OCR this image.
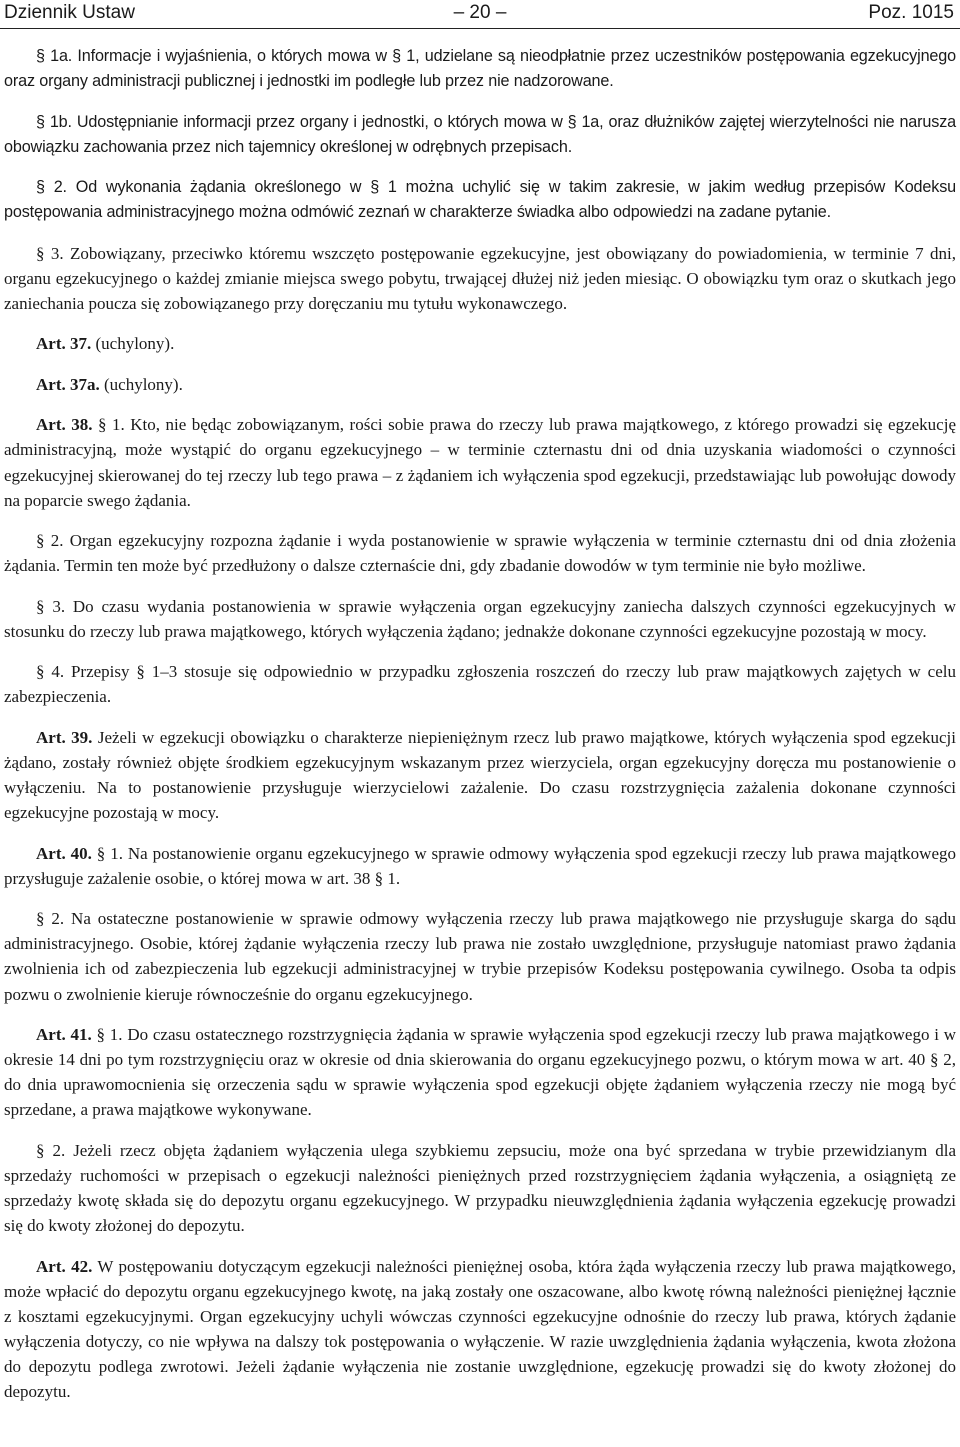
Dziennik Ustaw	– 20 –	Poz. 1015

§ 1a. Informacje i wyjaśnienia, o których mowa w § 1, udzielane są nieodpłatnie przez uczestników postępowania egzekucyjnego oraz organy administracji publicznej i jednostki im podległe lub przez nie nadzorowane.

§ 1b. Udostępnianie informacji przez organy i jednostki, o których mowa w § 1a, oraz dłużników zajętej wierzytelności nie narusza obowiązku zachowania przez nich tajemnicy określonej w odrębnych przepisach.

§ 2. Od wykonania żądania określonego w § 1 można uchylić się w takim zakresie, w jakim według przepisów Kodeksu postępowania administracyjnego można odmówić zeznań w charakterze świadka albo odpowiedzi na zadane pytanie.

§ 3. Zobowiązany, przeciwko któremu wszczęto postępowanie egzekucyjne, jest obowiązany do powiadomienia, w terminie 7 dni, organu egzekucyjnego o każdej zmianie miejsca swego pobytu, trwającej dłużej niż jeden miesiąc. O obowiązku tym oraz o skutkach jego zaniechania poucza się zobowiązanego przy doręczaniu mu tytułu wykonawczego.

Art. 37. (uchylony).

Art. 37a. (uchylony).

Art. 38. § 1. Kto, nie będąc zobowiązanym, rości sobie prawa do rzeczy lub prawa majątkowego, z którego prowadzi się egzekucję administracyjną, może wystąpić do organu egzekucyjnego – w terminie czternastu dni od dnia uzyskania wiadomości o czynności egzekucyjnej skierowanej do tej rzeczy lub tego prawa – z żądaniem ich wyłączenia spod egzekucji, przedstawiając lub powołując dowody na poparcie swego żądania.

§ 2. Organ egzekucyjny rozpozna żądanie i wyda postanowienie w sprawie wyłączenia w terminie czternastu dni od dnia złożenia żądania. Termin ten może być przedłużony o dalsze czternaście dni, gdy zbadanie dowodów w tym terminie nie było możliwe.

§ 3. Do czasu wydania postanowienia w sprawie wyłączenia organ egzekucyjny zaniecha dalszych czynności egzekucyjnych w stosunku do rzeczy lub prawa majątkowego, których wyłączenia żądano; jednakże dokonane czynności egzekucyjne pozostają w mocy.

§ 4. Przepisy § 1–3 stosuje się odpowiednio w przypadku zgłoszenia roszczeń do rzeczy lub praw majątkowych zajętych w celu zabezpieczenia.

Art. 39. Jeżeli w egzekucji obowiązku o charakterze niepieniężnym rzecz lub prawo majątkowe, których wyłączenia spod egzekucji żądano, zostały również objęte środkiem egzekucyjnym wskazanym przez wierzyciela, organ egzekucyjny doręcza mu postanowienie o wyłączeniu. Na to postanowienie przysługuje wierzycielowi zażalenie. Do czasu rozstrzygnięcia zażalenia dokonane czynności egzekucyjne pozostają w mocy.

Art. 40. § 1. Na postanowienie organu egzekucyjnego w sprawie odmowy wyłączenia spod egzekucji rzeczy lub prawa majątkowego przysługuje zażalenie osobie, o której mowa w art. 38 § 1.

§ 2. Na ostateczne postanowienie w sprawie odmowy wyłączenia rzeczy lub prawa majątkowego nie przysługuje skarga do sądu administracyjnego. Osobie, której żądanie wyłączenia rzeczy lub prawa nie zostało uwzględnione, przysługuje natomiast prawo żądania zwolnienia ich od zabezpieczenia lub egzekucji administracyjnej w trybie przepisów Kodeksu postępowania cywilnego. Osoba ta odpis pozwu o zwolnienie kieruje równocześnie do organu egzekucyjnego.

Art. 41. § 1. Do czasu ostatecznego rozstrzygnięcia żądania w sprawie wyłączenia spod egzekucji rzeczy lub prawa majątkowego i w okresie 14 dni po tym rozstrzygnięciu oraz w okresie od dnia skierowania do organu egzekucyjnego pozwu, o którym mowa w art. 40 § 2, do dnia uprawomocnienia się orzeczenia sądu w sprawie wyłączenia spod egzekucji objęte żądaniem wyłączenia rzeczy nie mogą być sprzedane, a prawa majątkowe wykonywane.

§ 2. Jeżeli rzecz objęta żądaniem wyłączenia ulega szybkiemu zepsuciu, może ona być sprzedana w trybie przewidzianym dla sprzedaży ruchomości w przepisach o egzekucji należności pieniężnych przed rozstrzygnięciem żądania wyłączenia, a osiągniętą ze sprzedaży kwotę składa się do depozytu organu egzekucyjnego. W przypadku nieuwzględnienia żądania wyłączenia egzekucję prowadzi się do kwoty złożonej do depozytu.

Art. 42. W postępowaniu dotyczącym egzekucji należności pieniężnej osoba, która żąda wyłączenia rzeczy lub prawa majątkowego, może wpłacić do depozytu organu egzekucyjnego kwotę, na jaką zostały one oszacowane, albo kwotę równą należności pieniężnej łącznie z kosztami egzekucyjnymi. Organ egzekucyjny uchyli wówczas czynności egzekucyjne odnośnie do rzeczy lub prawa, których żądanie wyłączenia dotyczy, co nie wpływa na dalszy tok postępowania o wyłączenie. W razie uwzględnienia żądania wyłączenia, kwota złożona do depozytu podlega zwrotowi. Jeżeli żądanie wyłączenia nie zostanie uwzględnione, egzekucję prowadzi się do kwoty złożonej do depozytu.
